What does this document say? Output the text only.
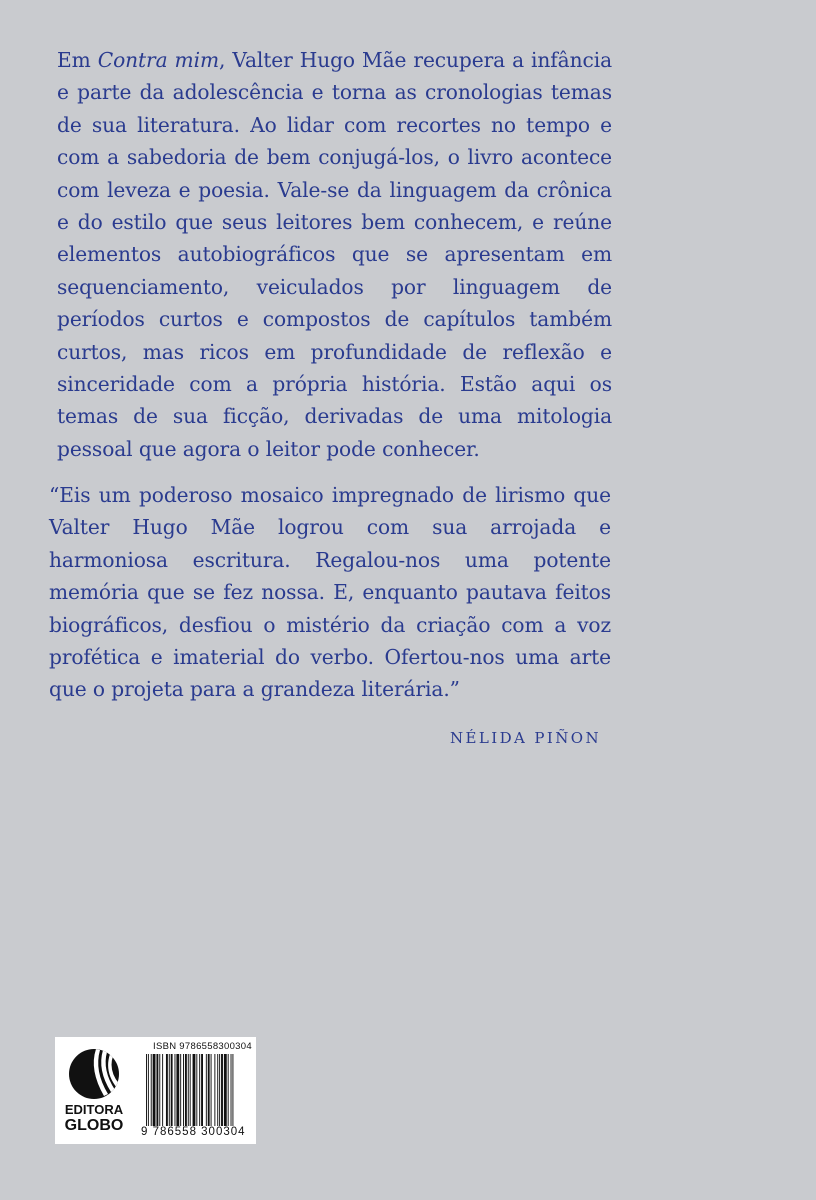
Em Contra mim, Valter Hugo Mãe recupera a infância e parte da adolescência e torna as cronologias temas de sua literatura. Ao lidar com recortes no tempo e com a sabedoria de bem conjugá-los, o livro acontece com leveza e poesia. Vale-se da linguagem da crônica e do estilo que seus leitores bem conhecem, e reúne elementos autobiográficos que se apresentam em sequenciamento, veiculados por linguagem de períodos curtos e compostos de capítulos também curtos, mas ricos em profundidade de reflexão e sinceridade com a própria história. Estão aqui os temas de sua ficção, derivadas de uma mitologia pessoal que agora o leitor pode conhecer.
“Eis um poderoso mosaico impregnado de lirismo que Valter Hugo Mãe logrou com sua arrojada e harmoniosa escritura. Regalou-nos uma potente memória que se fez nossa. E, enquanto pautava feitos biográficos, desfiou o mistério da criação com a voz profética e imaterial do verbo. Ofertou-nos uma arte que o projeta para a grandeza literária.”
NÉLIDA PIÑON
EDITORA
GLOBO
ISBN 9786558300304
9 786558 300304
